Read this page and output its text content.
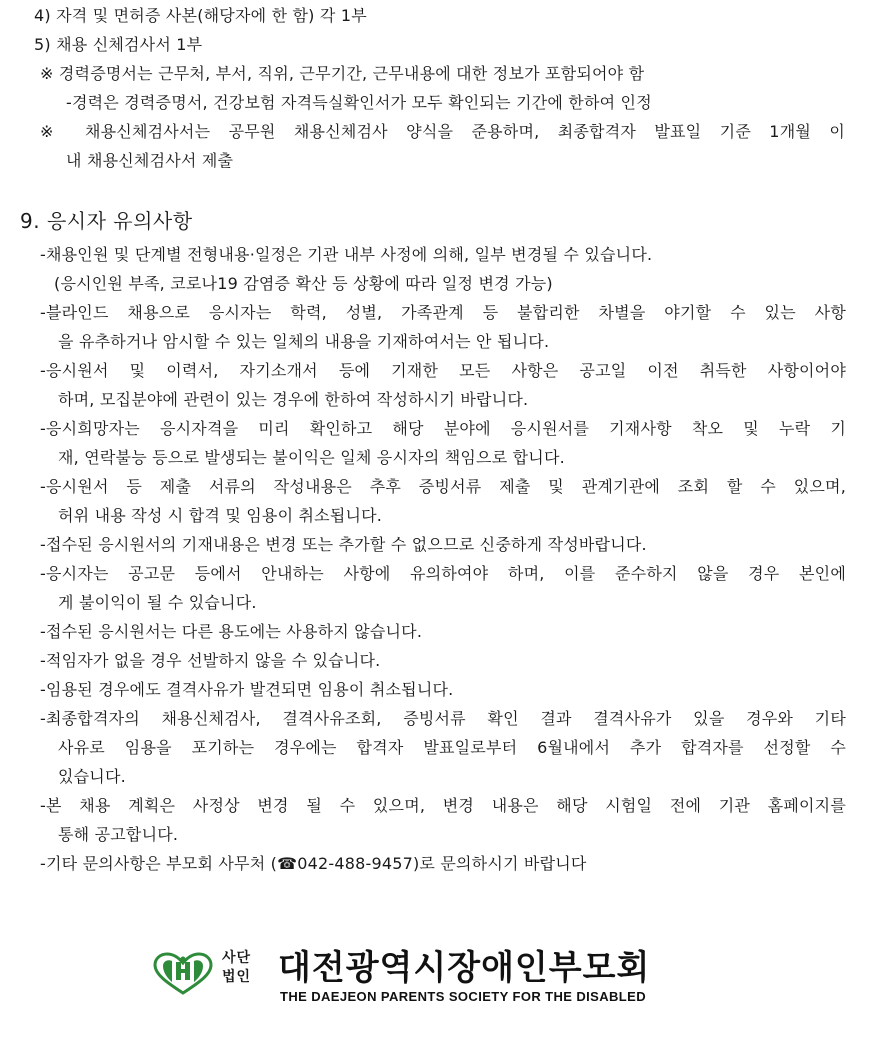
4) 자격 및 면허증 사본(해당자에 한 함) 각 1부
5) 채용 신체검사서 1부
※ 경력증명서는 근무처, 부서, 직위, 근무기간, 근무내용에 대한 정보가 포함되어야 함
-경력은 경력증명서, 건강보험 자격득실확인서가 모두 확인되는 기간에 한하여 인정
※ 채용신체검사서는 공무원 채용신체검사 양식을 준용하며, 최종합격자 발표일 기준 1개월 이
내 채용신체검사서 제출
9. 응시자 유의사항
-채용인원 및 단계별 전형내용·일정은 기관 내부 사정에 의해, 일부 변경될 수 있습니다.
(응시인원 부족, 코로나19 감염증 확산 등 상황에 따라 일정 변경 가능)
-블라인드 채용으로 응시자는 학력, 성별, 가족관계 등 불합리한 차별을 야기할 수 있는 사항
을 유추하거나 암시할 수 있는 일체의 내용을 기재하여서는 안 됩니다.
-응시원서 및 이력서, 자기소개서 등에 기재한 모든 사항은 공고일 이전 취득한 사항이어야
하며, 모집분야에 관련이 있는 경우에 한하여 작성하시기 바랍니다.
-응시희망자는 응시자격을 미리 확인하고 해당 분야에 응시원서를 기재사항 착오 및 누락 기
재, 연락불능 등으로 발생되는 불이익은 일체 응시자의 책임으로 합니다.
-응시원서 등 제출 서류의 작성내용은 추후 증빙서류 제출 및 관계기관에 조회 할 수 있으며,
허위 내용 작성 시 합격 및 임용이 취소됩니다.
-접수된 응시원서의 기재내용은 변경 또는 추가할 수 없으므로 신중하게 작성바랍니다.
-응시자는 공고문 등에서 안내하는 사항에 유의하여야 하며, 이를 준수하지 않을 경우 본인에
게 불이익이 될 수 있습니다.
-접수된 응시원서는 다른 용도에는 사용하지 않습니다.
-적임자가 없을 경우 선발하지 않을 수 있습니다.
-임용된 경우에도 결격사유가 발견되면 임용이 취소됩니다.
-최종합격자의 채용신체검사, 결격사유조회, 증빙서류 확인 결과 결격사유가 있을 경우와 기타
사유로 임용을 포기하는 경우에는 합격자 발표일로부터 6월내에서 추가 합격자를 선정할 수
있습니다.
-본 채용 계획은 사정상 변경 될 수 있으며, 변경 내용은 해당 시험일 전에 기관 홈페이지를
통해 공고합니다.
-기타 문의사항은 부모회 사무처 (☎042-488-9457)로 문의하시기 바랍니다
사단
법인 대전광역시장애인부모회
THE DAEJEON PARENTS SOCIETY FOR THE DISABLED
